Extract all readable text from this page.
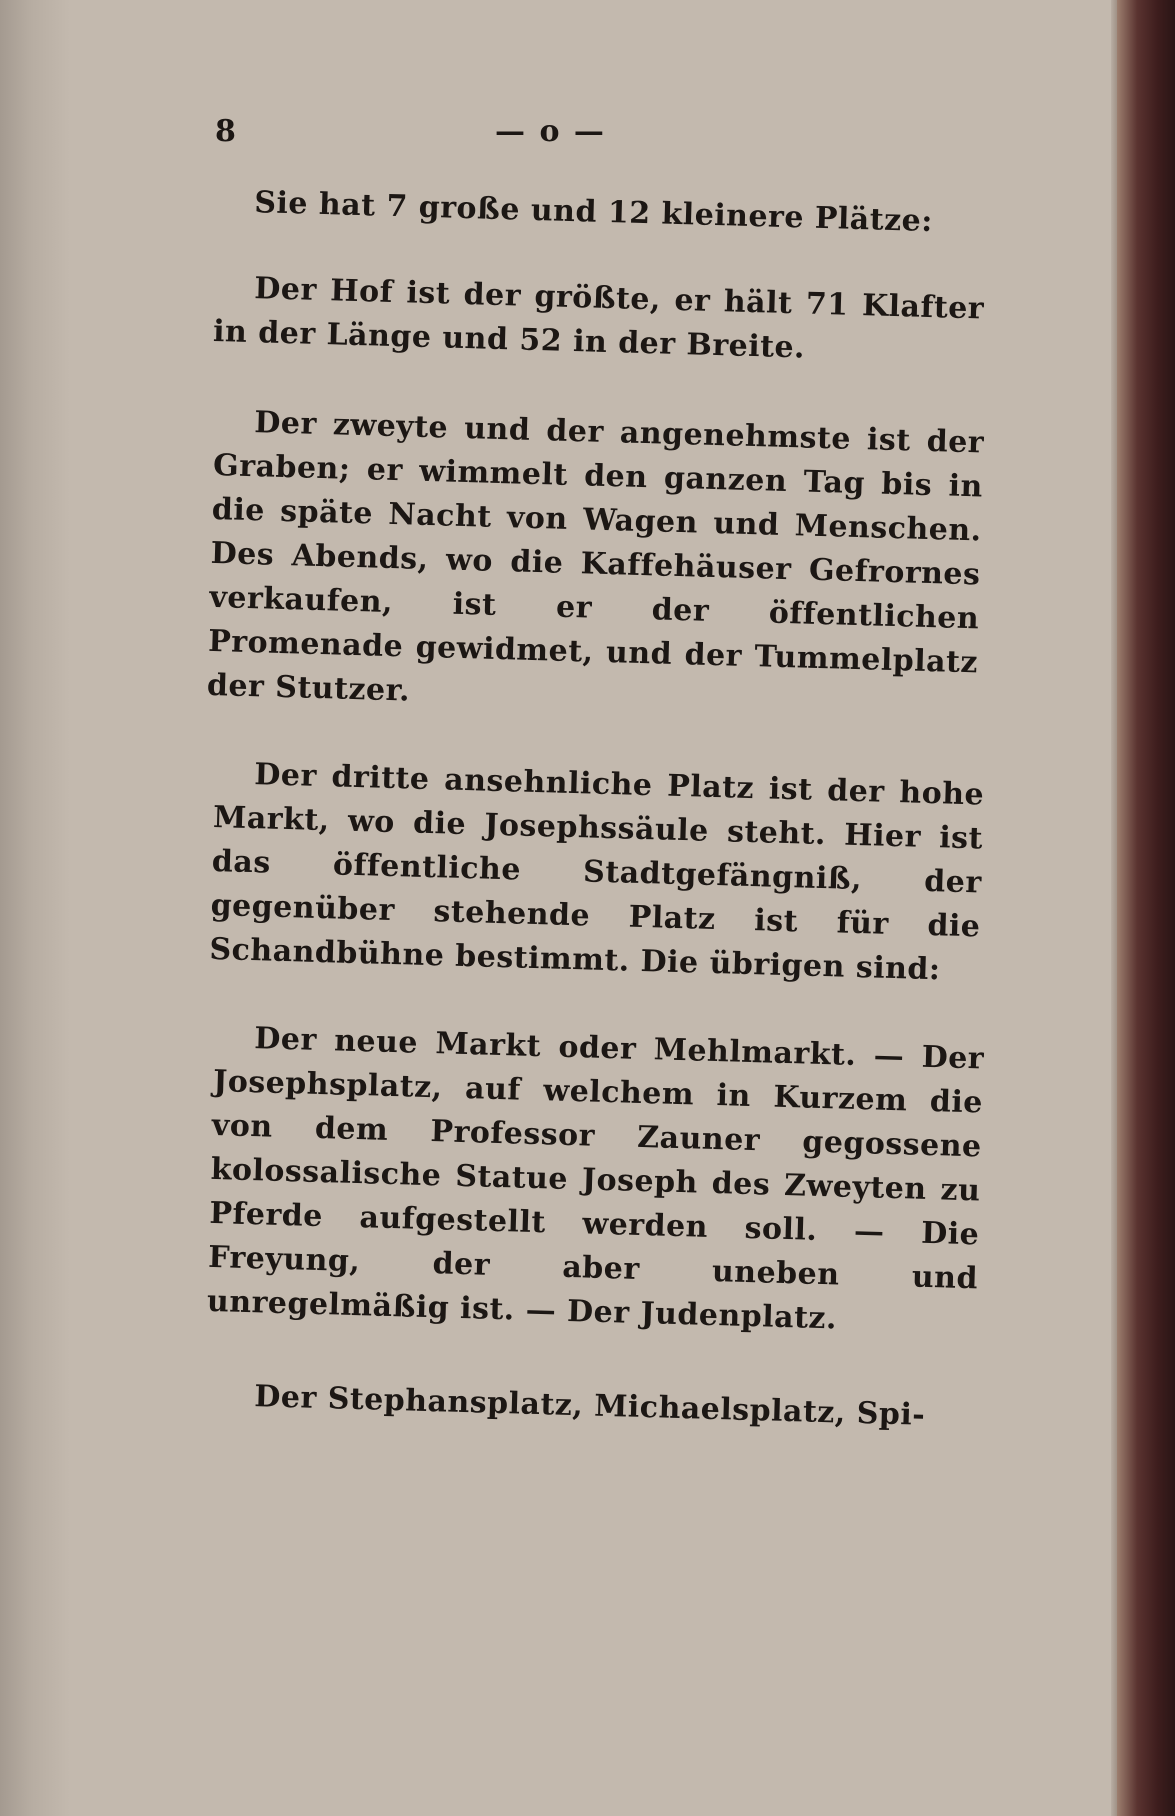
8	— o —

Sie hat 7 große und 12 kleinere Plätze:

Der Hof ist der größte, er hält 71 Klafter in der Länge und 52 in der Breite.

Der zweyte und der angenehmste ist der Graben; er wimmelt den ganzen Tag bis in die späte Nacht von Wagen und Menschen. Des Abends, wo die Kaffehäuser Gefrornes verkaufen, ist er der öffentlichen Promenade gewidmet, und der Tummelplatz der Stutzer.

Der dritte ansehnliche Platz ist der hohe Markt, wo die Josephssäule steht. Hier ist das öffentliche Stadtgefängniß, der gegenüber stehende Platz ist für die Schandbühne bestimmt. Die übrigen sind:

Der neue Markt oder Mehlmarkt. — Der Josephsplatz, auf welchem in Kurzem die von dem Professor Zauner gegossene kolossalische Statue Joseph des Zweyten zu Pferde aufgestellt werden soll. — Die Freyung, der aber uneben und unregelmäßig ist. — Der Judenplatz.

Der Stephansplatz, Michaelsplatz, Spi-
